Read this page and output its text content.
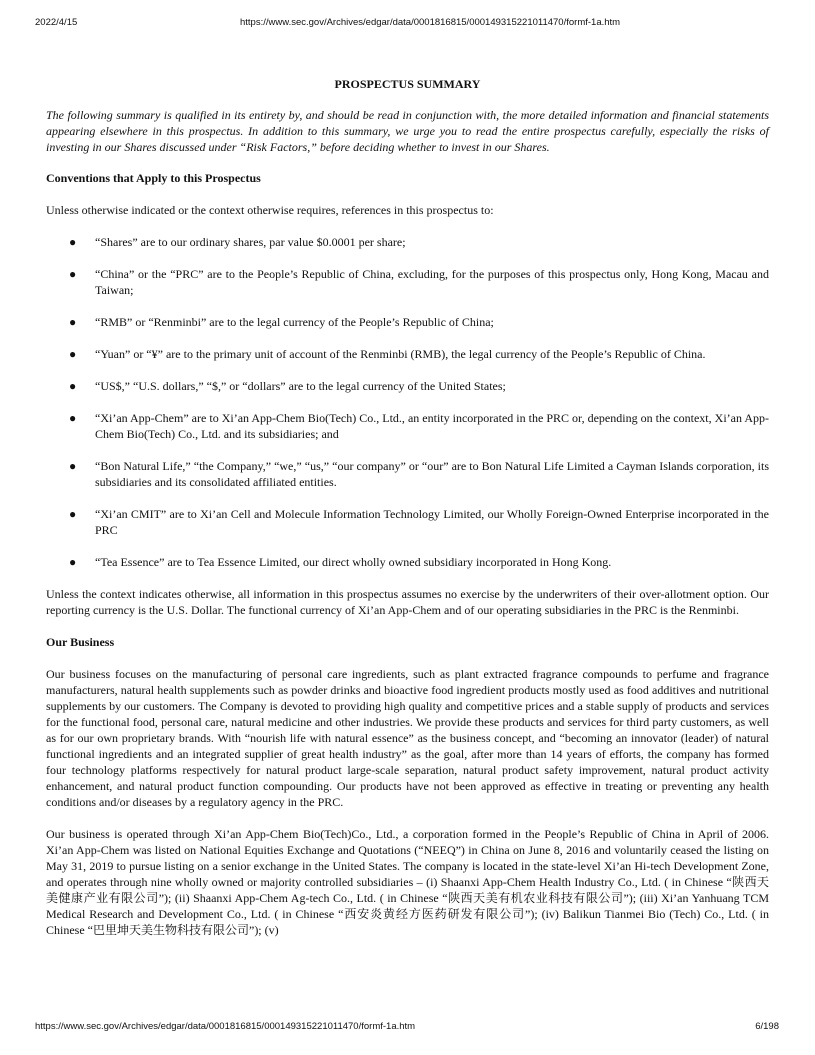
2022/4/15	https://www.sec.gov/Archives/edgar/data/0001816815/000149315221011470/formf-1a.htm
PROSPECTUS SUMMARY
The following summary is qualified in its entirety by, and should be read in conjunction with, the more detailed information and financial statements appearing elsewhere in this prospectus. In addition to this summary, we urge you to read the entire prospectus carefully, especially the risks of investing in our Shares discussed under “Risk Factors,” before deciding whether to invest in our Shares.
Conventions that Apply to this Prospectus
Unless otherwise indicated or the context otherwise requires, references in this prospectus to:
● “Shares” are to our ordinary shares, par value $0.0001 per share;
● “China” or the “PRC” are to the People’s Republic of China, excluding, for the purposes of this prospectus only, Hong Kong, Macau and Taiwan;
● “RMB” or “Renminbi” are to the legal currency of the People’s Republic of China;
● “Yuan” or “¥” are to the primary unit of account of the Renminbi (RMB), the legal currency of the People’s Republic of China.
● “US$,” “U.S. dollars,” “$,” or “dollars” are to the legal currency of the United States;
● “Xi’an App-Chem” are to Xi’an App-Chem Bio(Tech) Co., Ltd., an entity incorporated in the PRC or, depending on the context, Xi’an App-Chem Bio(Tech) Co., Ltd. and its subsidiaries; and
● “Bon Natural Life,” “the Company,” “we,” “us,” “our company” or “our” are to Bon Natural Life Limited a Cayman Islands corporation, its subsidiaries and its consolidated affiliated entities.
● “Xi’an CMIT” are to Xi’an Cell and Molecule Information Technology Limited, our Wholly Foreign-Owned Enterprise incorporated in the PRC
● “Tea Essence” are to Tea Essence Limited, our direct wholly owned subsidiary incorporated in Hong Kong.
Unless the context indicates otherwise, all information in this prospectus assumes no exercise by the underwriters of their over-allotment option. Our reporting currency is the U.S. Dollar. The functional currency of Xi’an App-Chem and of our operating subsidiaries in the PRC is the Renminbi.
Our Business
Our business focuses on the manufacturing of personal care ingredients, such as plant extracted fragrance compounds to perfume and fragrance manufacturers, natural health supplements such as powder drinks and bioactive food ingredient products mostly used as food additives and nutritional supplements by our customers. The Company is devoted to providing high quality and competitive prices and a stable supply of products and services for the functional food, personal care, natural medicine and other industries. We provide these products and services for third party customers, as well as for our own proprietary brands. With “nourish life with natural essence” as the business concept, and “becoming an innovator (leader) of natural functional ingredients and an integrated supplier of great health industry” as the goal, after more than 14 years of efforts, the company has formed four technology platforms respectively for natural product large-scale separation, natural product safety improvement, natural product activity enhancement, and natural product function compounding. Our products have not been approved as effective in treating or preventing any health conditions and/or diseases by a regulatory agency in the PRC.
Our business is operated through Xi’an App-Chem Bio(Tech)Co., Ltd., a corporation formed in the People’s Republic of China in April of 2006. Xi’an App-Chem was listed on National Equities Exchange and Quotations (“NEEQ”) in China on June 8, 2016 and voluntarily ceased the listing on May 31, 2019 to pursue listing on a senior exchange in the United States. The company is located in the state-level Xi’an Hi-tech Development Zone, and operates through nine wholly owned or majority controlled subsidiaries – (i) Shaanxi App-Chem Health Industry Co., Ltd. ( in Chinese “陕西天美健康产业有限公司”); (ii) Shaanxi App-Chem Ag-tech Co., Ltd. ( in Chinese “陕西天美有机农业科技有限公司”); (iii) Xi’an Yanhuang TCM Medical Research and Development Co., Ltd. ( in Chinese “西安炎黄经方医药研发有限公司”); (iv) Balikun Tianmei Bio (Tech) Co., Ltd. ( in Chinese “巴里坤天美生物科技有限公司”); (v)
https://www.sec.gov/Archives/edgar/data/0001816815/000149315221011470/formf-1a.htm	6/198
